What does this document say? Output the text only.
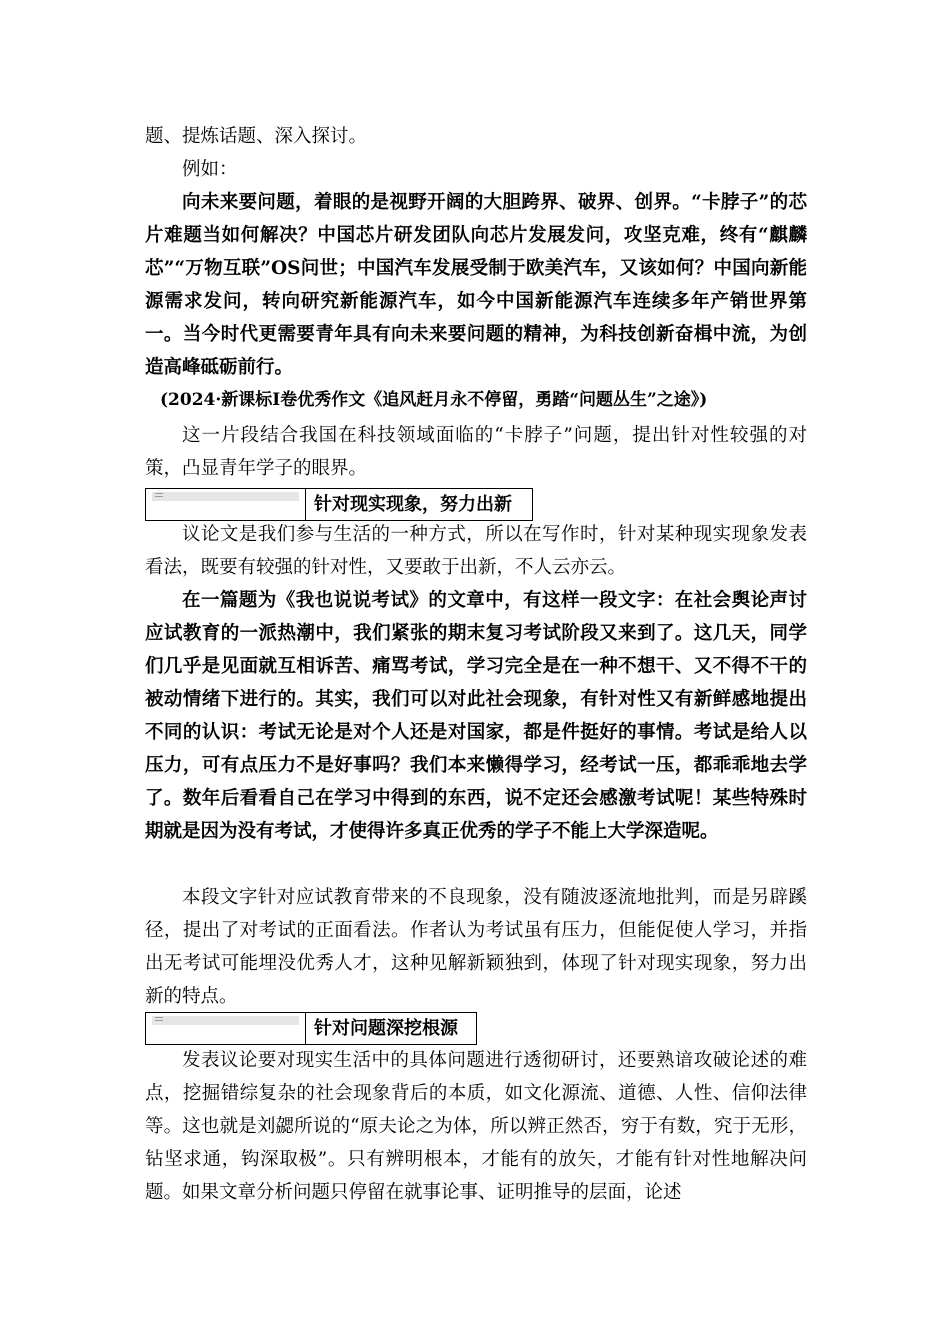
题、提炼话题、深入探讨。

例如：

向未来要问题，着眼的是视野开阔的大胆跨界、破界、创界。“卡脖子”的芯片难题当如何解决？中国芯片研发团队向芯片发展发问，攻坚克难，终有“麒麟芯”“万物互联”OS问世；中国汽车发展受制于欧美汽车，又该如何？中国向新能源需求发问，转向研究新能源汽车，如今中国新能源汽车连续多年产销世界第一。当今时代更需要青年具有向未来要问题的精神，为科技创新奋楫中流，为创造高峰砥砺前行。

(2024·新课标Ⅰ卷优秀作文《追风赶月永不停留，勇踏“问题丛生”之途》)

这一片段结合我国在科技领域面临的“卡脖子”问题，提出针对性较强的对策，凸显青年学子的眼界。

针对现实现象，努力出新

议论文是我们参与生活的一种方式，所以在写作时，针对某种现实现象发表看法，既要有较强的针对性，又要敢于出新，不人云亦云。

在一篇题为《我也说说考试》的文章中，有这样一段文字：在社会舆论声讨应试教育的一派热潮中，我们紧张的期末复习考试阶段又来到了。这几天，同学们几乎是见面就互相诉苦、痛骂考试，学习完全是在一种不想干、又不得不干的被动情绪下进行的。其实，我们可以对此社会现象，有针对性又有新鲜感地提出不同的认识：考试无论是对个人还是对国家，都是件挺好的事情。考试是给人以压力，可有点压力不是好事吗？我们本来懒得学习，经考试一压，都乖乖地去学了。数年后看看自己在学习中得到的东西，说不定还会感激考试呢！某些特殊时期就是因为没有考试，才使得许多真正优秀的学子不能上大学深造呢。

本段文字针对应试教育带来的不良现象，没有随波逐流地批判，而是另辟蹊径，提出了对考试的正面看法。作者认为考试虽有压力，但能促使人学习，并指出无考试可能埋没优秀人才，这种见解新颖独到，体现了针对现实现象，努力出新的特点。

针对问题深挖根源

发表议论要对现实生活中的具体问题进行透彻研讨，还要熟谙攻破论述的难点，挖掘错综复杂的社会现象背后的本质，如文化源流、道德、人性、信仰法律等。这也就是刘勰所说的“原夫论之为体，所以辨正然否，穷于有数，究于无形，钻坚求通，钩深取极”。只有辨明根本，才能有的放矢，才能有针对性地解决问题。如果文章分析问题只停留在就事论事、证明推导的层面，论述
